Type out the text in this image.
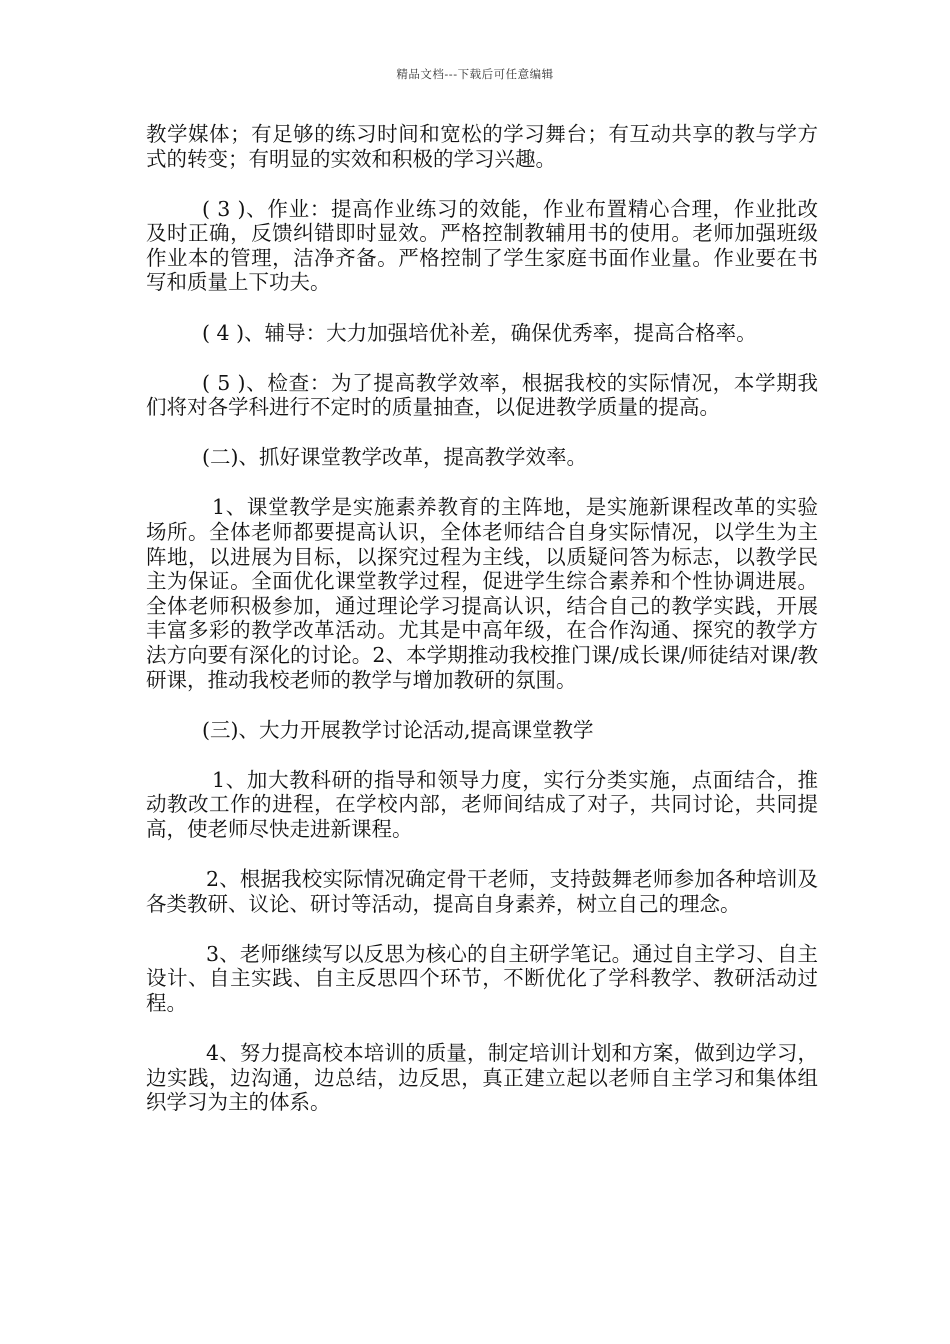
精品文档---下载后可任意编辑

教学媒体；有足够的练习时间和宽松的学习舞台；有互动共享的教与学方式的转变；有明显的实效和积极的学习兴趣。

( 3 )、作业：提高作业练习的效能，作业布置精心合理，作业批改及时正确，反馈纠错即时显效。严格控制教辅用书的使用。老师加强班级作业本的管理，洁净齐备。严格控制了学生家庭书面作业量。作业要在书写和质量上下功夫。

( 4 )、辅导：大力加强培优补差，确保优秀率，提高合格率。

( 5 )、检查：为了提高教学效率，根据我校的实际情况，本学期我们将对各学科进行不定时的质量抽查，以促进教学质量的提高。

(二)、抓好课堂教学改革，提高教学效率。

1、课堂教学是实施素养教育的主阵地，是实施新课程改革的实验场所。全体老师都要提高认识，全体老师结合自身实际情况，以学生为主阵地，以进展为目标，以探究过程为主线，以质疑问答为标志，以教学民主为保证。全面优化课堂教学过程，促进学生综合素养和个性协调进展。全体老师积极参加，通过理论学习提高认识，结合自己的教学实践，开展丰富多彩的教学改革活动。尤其是中高年级，在合作沟通、探究的教学方法方向要有深化的讨论。2、本学期推动我校推门课/成长课/师徒结对课/教研课，推动我校老师的教学与增加教研的氛围。

(三)、大力开展教学讨论活动,提高课堂教学

1、加大教科研的指导和领导力度，实行分类实施，点面结合，推动教改工作的进程，在学校内部，老师间结成了对子，共同讨论，共同提高，使老师尽快走进新课程。

2、根据我校实际情况确定骨干老师，支持鼓舞老师参加各种培训及各类教研、议论、研讨等活动，提高自身素养，树立自己的理念。

3、老师继续写以反思为核心的自主研学笔记。通过自主学习、自主设计、自主实践、自主反思四个环节，不断优化了学科教学、教研活动过程。

4、努力提高校本培训的质量，制定培训计划和方案，做到边学习，边实践，边沟通，边总结，边反思，真正建立起以老师自主学习和集体组织学习为主的体系。
